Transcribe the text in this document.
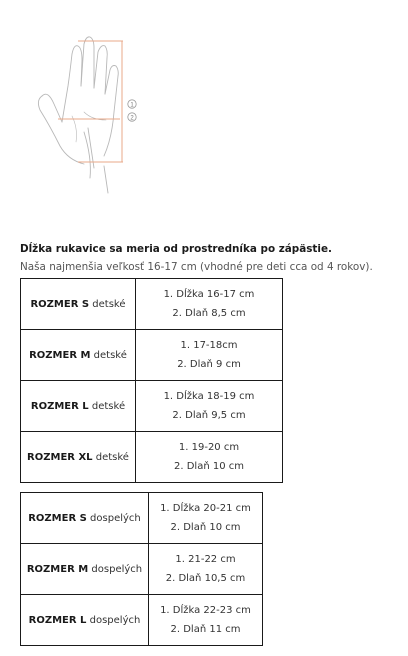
1
2
Dĺžka rukavice sa meria od prostredníka po zápästie.
Naša najmenšia veľkosť 16-17 cm (vhodné pre deti cca od 4 rokov).
ROZMER S detské	1. Dĺžka 16-17 cm
2. Dlaň 8,5 cm

ROZMER M detské	1. 17-18cm
2. Dlaň 9 cm

ROZMER L detské	1. Dĺžka 18-19 cm
2. Dlaň 9,5 cm

ROZMER XL detské	1. 19-20 cm
2. Dlaň 10 cm
ROZMER S dospelých	1. Dĺžka 20-21 cm
2. Dlaň 10 cm

ROZMER M dospelých	1. 21-22 cm
2. Dlaň 10,5 cm

ROZMER L dospelých	1. Dĺžka 22-23 cm
2. Dlaň 11 cm
